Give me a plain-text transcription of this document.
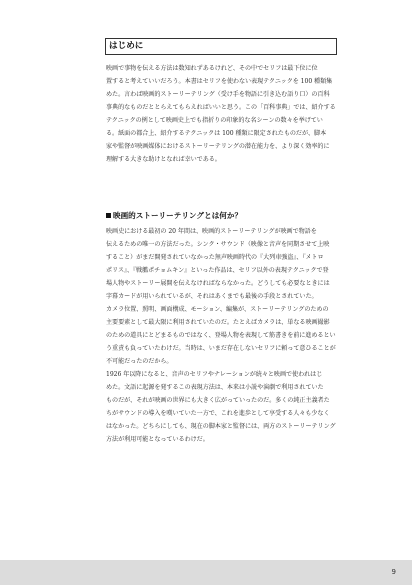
はじめに
映画で事物を伝える方法は数知れずあるけれど、その中でセリフは最下位に位
置すると考えていいだろう。本書はセリフを使わない表現テクニックを 100 種類集
めた。言わば映画的ストーリーテリング（受け手を物語に引き込む語り口）の百科
事典的なものだととらえてもらえればいいと思う。この「百科事典」では、紹介する
テクニックの例として映画史上でも指折りの印象的な名シーンの数々を挙げてい
る。紙面の都合上、紹介するテクニックは 100 種類に限定されたものだが、脚本
家や監督が映画媒体におけるストーリーテリングの潜在能力を、より深く効率的に
理解する大きな助けとなれば幸いである。
映画的ストーリーテリングとは何か？
映画史における最初の 20 年間は、映画的ストーリーテリングが映画で物語を
伝えるための唯一の方法だった。シンク・サウンド（映像と音声を同期させて上映
すること）がまだ開発されていなかった無声映画時代の『大列車強盗』、『メトロ
ポリス』、『戦艦ポチョムキン』といった作品は、セリフ以外の表現テクニックで登
場人物やストーリー展開を伝えなければならなかった。どうしても必要なときには
字幕カードが用いられているが、それはあくまでも最後の手段とされていた。
カメラ位置、照明、画面構成、モーション、編集が、ストーリーテリングのための
主要要素として最大限に利用されていたのだ。たとえばカメラは、単なる映画撮影
のための道具にとどまるものではなく、登場人物を表現して筋書きを前に進めるとい
う重責も負っていたわけだ。当時は、いまだ存在しないセリフに頼って意ひることが
不可能だったのだから。
1926 年以降になると、音声のセリフやナレーションが続々と映画で使われはじ
めた。文語に起源を発するこの表現方法は、本来は小説や演劇で利用されていた
ものだが、それが映画の世界にも大きく広がっていったのだ。多くの純正主義者た
ちがサウンドの導入を嘆いていた一方で、これを進歩として享受する人々も少なく
はなかった。どちらにしても、現在の脚本家と監督には、両方のストーリーテリング
方法が利用可能となっているわけだ。
9
